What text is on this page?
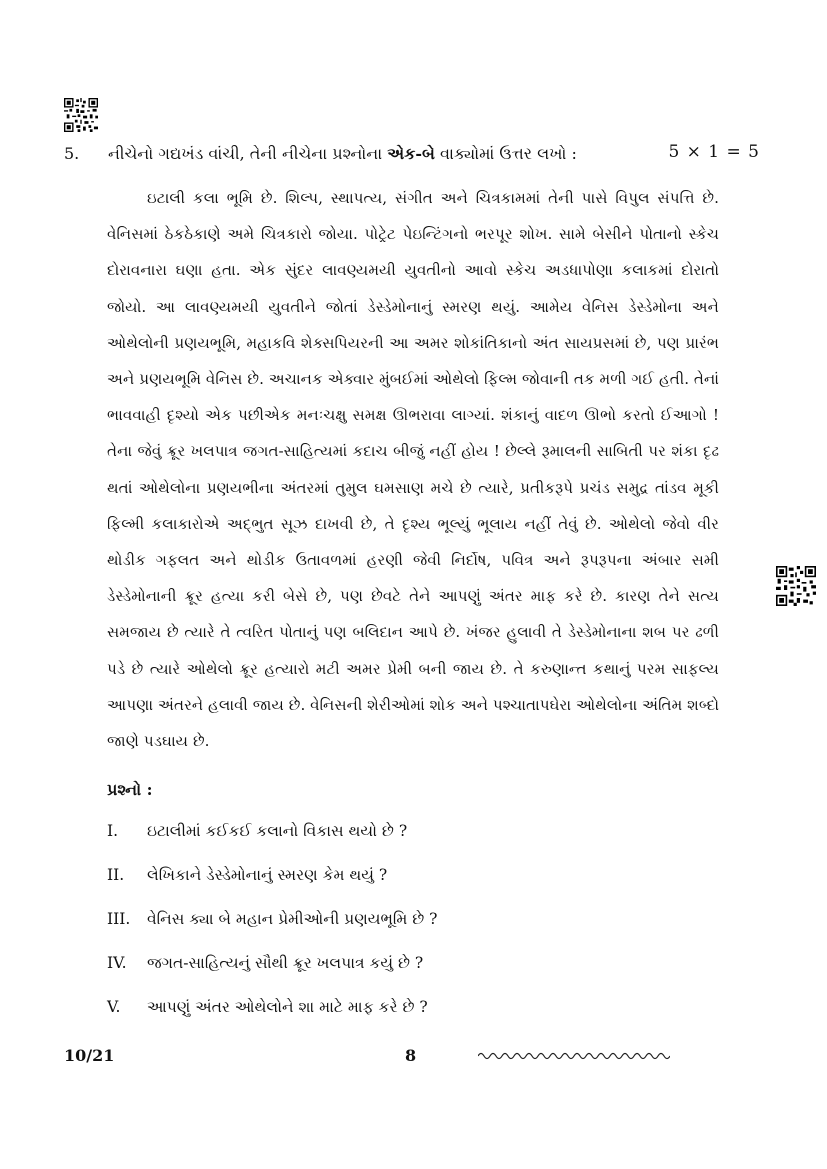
5. નીચેનો ગદ્યખંડ વાંચી, તેની નીચેના પ્રશ્નોના એક-બે વાક્યોમાં ઉત્તર લખો :	5 × 1 = 5

ઇટાલી કલા ભૂમિ છે. શિલ્પ, સ્થાપત્ય, સંગીત અને ચિત્રકામમાં તેની પાસે વિપુલ સંપત્તિ છે. વેનિસમાં ઠેકઠેકાણે અમે ચિત્રકારો જોયા. પોટ્રેટ પેઇન્ટિંગનો ભરપૂર શોખ. સામે બેસીને પોતાનો સ્કેચ દોરાવનારા ઘણા હતા. એક સુંદર લાવણ્યમયી યુવતીનો આવો સ્કેચ અડધાપોણા કલાકમાં દોરાતો જોયો. આ લાવણ્યમયી યુવતીને જોતાં ડેસ્ડેમોનાનું સ્મરણ થયું. આમેય વેનિસ ડેસ્ડેમોના અને ઓથેલોની પ્રણયભૂમિ, મહાકવિ શેક્સપિયરની આ અમર શોકાંતિકાનો અંત સાયપ્રસમાં છે, પણ પ્રારંભ અને પ્રણયભૂમિ વેનિસ છે. અચાનક એક્વાર મુંબઈમાં ઓથેલો ફિલ્મ જોવાની તક મળી ગઈ હતી. તેનાં ભાવવાહી દૃશ્યો એક પછીએક મનઃચક્ષુ સમક્ષ ઊભરાવા લાગ્યાં. શંકાનું વાદળ ઊભો કરતો ઈઆગો ! તેના જેવું ક્રૂર ખલપાત્ર જગત-સાહિત્યમાં કદાચ બીજું નહીં હોય ! છેલ્લે રૂમાલની સાબિતી પર શંકા દૃઢ થતાં ઓથેલોના પ્રણયભીના અંતરમાં તુમુલ ઘમસાણ મચે છે ત્યારે, પ્રતીકરૂપે પ્રચંડ સમુદ્ર તાંડવ મૂકી ફિલ્મી કલાકારોએ અદ્ભુત સૂઝ દાખવી છે, તે દૃશ્ય ભૂલ્યું ભૂલાય નહીં તેવું છે. ઓથેલો જેવો વીર થોડીક ગફલત અને થોડીક ઉતાવળમાં હરણી જેવી નિર્દોષ, પવિત્ર અને રૂપરૂપના અંબાર સમી ડેસ્ડેમોનાની ક્રૂર હત્યા કરી બેસે છે, પણ છેવટે તેને આપણું અંતર માફ કરે છે. કારણ તેને સત્ય સમજાય છે ત્યારે તે ત્વરિત પોતાનું પણ બલિદાન આપે છે. ખંજર હુલાવી તે ડેસ્ડેમોનાના શબ પર ઢળી પડે છે ત્યારે ઓથેલો ક્રૂર હત્યારો મટી અમર પ્રેમી બની જાય છે. તે કરુણાન્ત કથાનું પરમ સાફલ્ય આપણા અંતરને હલાવી જાય છે. વેનિસની શેરીઓમાં શોક અને પશ્ચાતાપઘેરા ઓથેલોના અંતિમ શબ્દો જાણે પડઘાય છે.

પ્રશ્નો :
I. ઇટાલીમાં કઈકઈ કલાનો વિકાસ થયો છે ?
II. લેખિકાને ડેસ્ડેમોનાનું સ્મરણ કેમ થયું ?
III. વેનિસ ક્યા બે મહાન પ્રેમીઓની પ્રણયભૂમિ છે ?
IV. જગત-સાહિત્યનું સૌથી ક્રૂર ખલપાત્ર કયું છે ?
V. આપણું અંતર ઓથેલોને શા માટે માફ કરે છે ?
10/21	8
